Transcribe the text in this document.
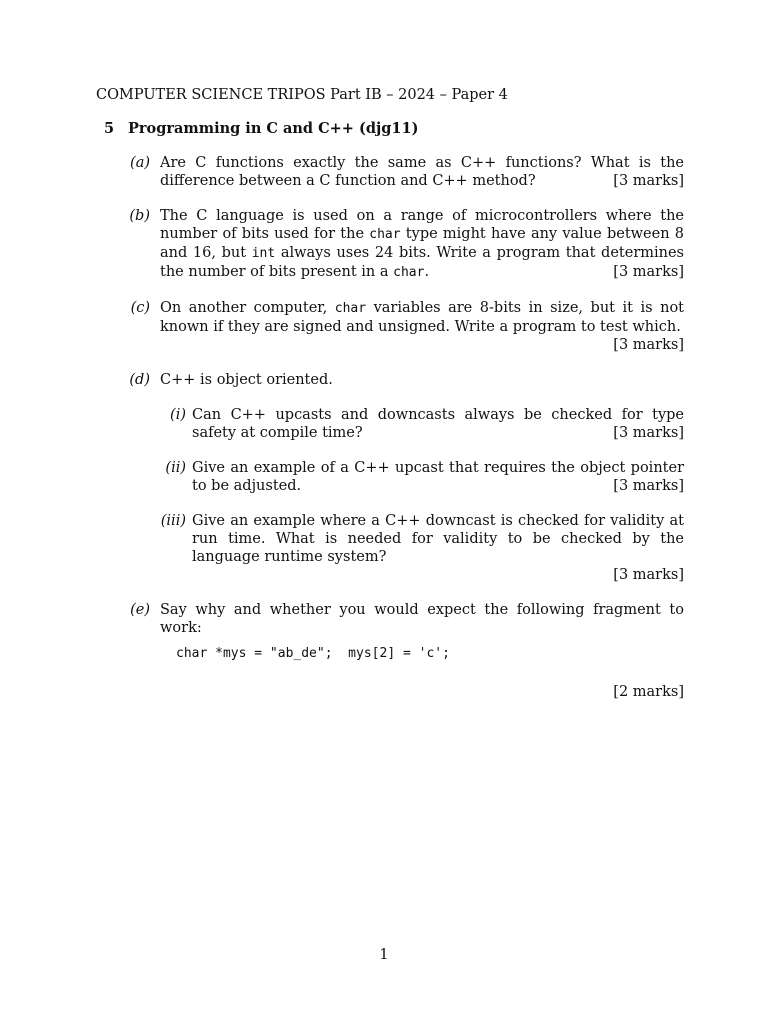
COMPUTER SCIENCE TRIPOS Part IB – 2024 – Paper 4
5 Programming in C and C++ (djg11)
(a) Are C functions exactly the same as C++ functions? What is the difference between a C function and C++ method?	[3 marks]
(b) The C language is used on a range of microcontrollers where the number of bits used for the char type might have any value between 8 and 16, but int always uses 24 bits. Write a program that determines the number of bits present in a char.	[3 marks]
(c) On another computer, char variables are 8-bits in size, but it is not known if they are signed and unsigned. Write a program to test which.
[3 marks]
(d) C++ is object oriented.
(i) Can C++ upcasts and downcasts always be checked for type safety at compile time?	[3 marks]
(ii) Give an example of a C++ upcast that requires the object pointer to be adjusted.	[3 marks]
(iii) Give an example where a C++ downcast is checked for validity at run time. What is needed for validity to be checked by the language runtime system?
[3 marks]
(e) Say why and whether you would expect the following fragment to work:
char *mys = "ab_de";  mys[2] = 'c';
[2 marks]
1
